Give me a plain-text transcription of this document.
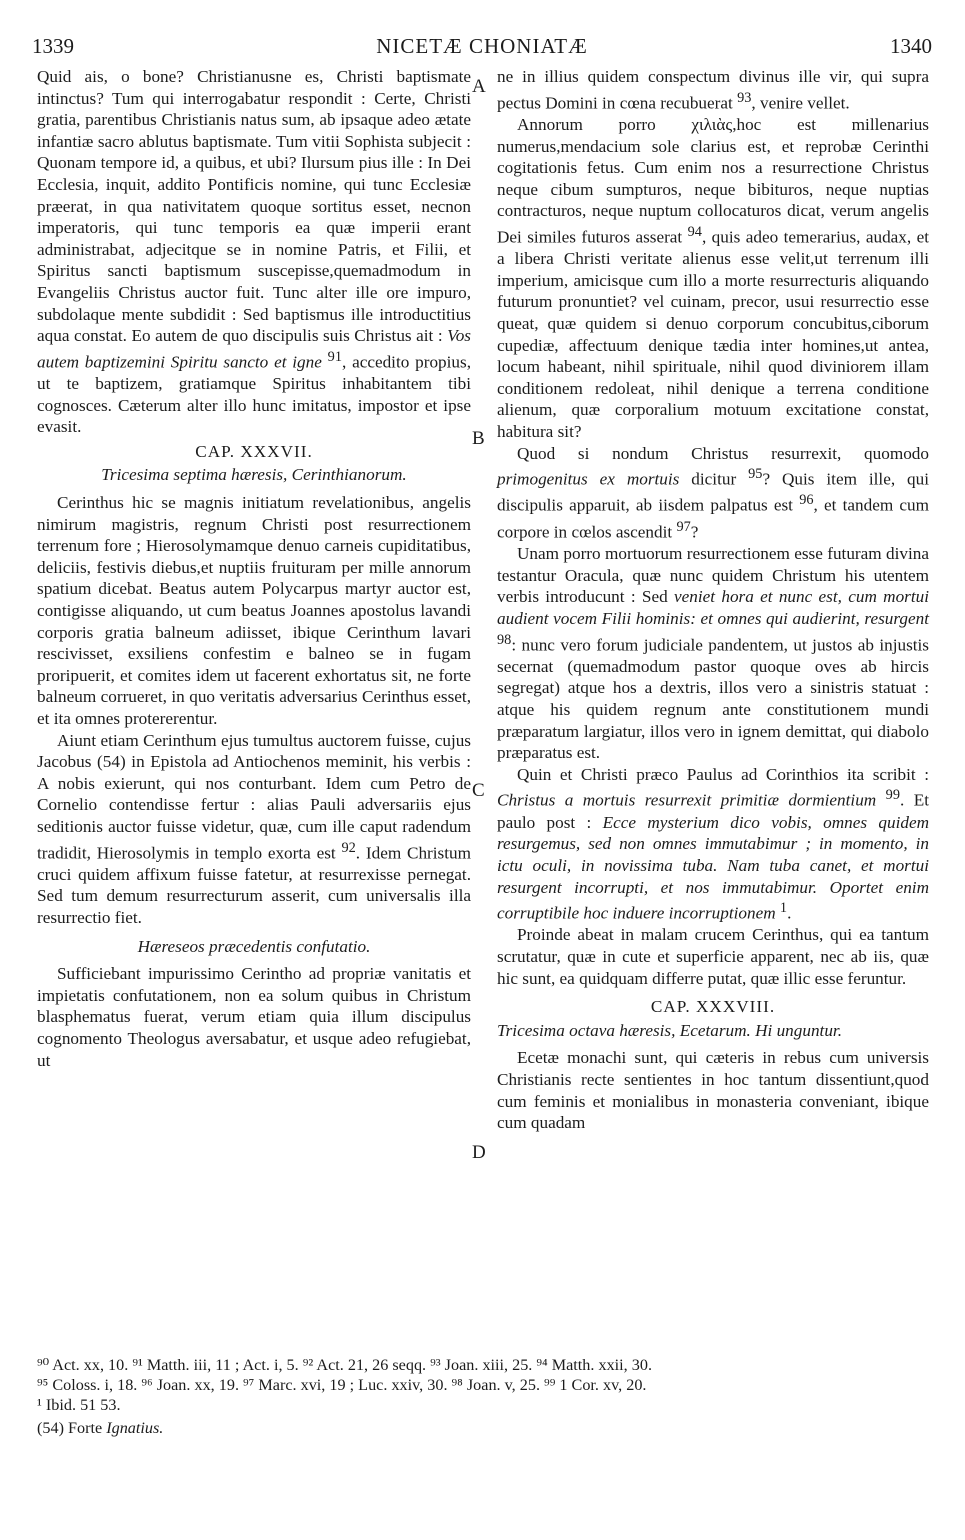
1339	NICETÆ CHONIATÆ	1340

Quid ais, o bone? Christianusne es, Christi baptismate intinctus? Tum qui interrogabatur respondit : Certe, Christi gratia, parentibus Christianis natus sum, ab ipsaque adeo ætate infantiæ sacro ablutus baptismate. Tum vitii Sophista subjecit : Quonam tempore id, a quibus, et ubi? Ilursum pius ille : In Dei Ecclesia, inquit, addito Pontificis nomine, qui tunc Ecclesiæ præerat, in qua nativitatem quoque sortitus esset, necnon imperatoris, qui tunc temporis ea quæ imperii erant administrabat, adjecitque se in nomine Patris, et Filii, et Spiritus sancti baptismum suscepisse,quemadmodum in Evangeliis Christus auctor fuit. Tunc alter ille ore impuro, subdolaque mente subdidit : Sed baptismus ille introductitius aqua constat. Eo autem de quo discipulis suis Christus ait : Vos autem baptizemini Spiritu sancto et igne $^{91}$, accedito propius, ut te baptizem, gratiamque Spiritus inhabitantem tibi cognosces. Cæterum alter illo hunc imitatus, impostor et ipse evasit.

CAP. XXXVII.
Tricesima septima hæresis, Cerinthianorum.

Cerinthus hic se magnis initiatum revelationibus, angelis nimirum magistris, regnum Christi post resurrectionem terrenum fore ; Hierosolymamque denuo carneis cupiditatibus, deliciis, festivis diebus,et nuptiis fruituram per mille annorum spatium dicebat. Beatus autem Polycarpus martyr auctor est, contigisse aliquando, ut cum beatus Joannes apostolus lavandi corporis gratia balneum adiisset, ibique Cerinthum lavari rescivisset, exsiliens confestim e balneo se in fugam proripuerit, et comites idem ut facerent exhortatus sit, ne forte balneum corrueret, in quo veritatis adversarius Cerinthus esset, et ita omnes protererentur.

Aiunt etiam Cerinthum ejus tumultus auctorem fuisse, cujus Jacobus (54) in Epistola ad Antiochenos meminit, his verbis : A nobis exierunt, qui nos conturbant. Idem cum Petro de Cornelio contendisse fertur : alias Pauli adversariis ejus seditionis auctor fuisse videtur, quæ, cum ille caput radendum tradidit, Hierosolymis in templo exorta est $^{92}$. Idem Christum cruci quidem affixum fuisse fatetur, at resurrexisse pernegat. Sed tum demum resurrecturum asserit, cum universalis illa resurrectio fiet.

Hæreseos præcedentis confutatio.

Sufficiebant impurissimo Cerintho ad propriæ vanitatis et impietatis confutationem, non ea solum quibus in Christum blasphematus fuerat, verum etiam quia illum discipulus cognomento Theologus aversabatur, et usque adeo refugiebat, ut

A
B
C
D

ne in illius quidem conspectum divinus ille vir, qui supra pectus Domini in cœna recubuerat $^{93}$, venire vellet.

Annorum porro χιλιὰς,hoc est millenarius numerus,mendacium sole clarius est, et reprobæ Cerinthi cogitationis fetus. Cum enim nos a resurrectione Christus neque cibum sumpturos, neque bibituros, neque nuptias contracturos, neque nuptum collocaturos dicat, verum angelis Dei similes futuros asserat $^{94}$, quis adeo temerarius, audax, et a libera Christi veritate alienus esse velit,ut terrenum illi imperium, amicisque cum illo a morte resurrecturis aliquando futurum pronuntiet? vel cuinam, precor, usui resurrectio esse queat, quæ quidem si denuo corporum concubitus,ciborum cupediæ, affectuum denique tædia inter homines,ut antea, locum habeant, nihil spirituale, nihil quod diviniorem illam conditionem redoleat, nihil denique a terrena conditione alienum, quæ corporalium motuum excitatione constat, habitura sit?

Quod si nondum Christus resurrexit, quomodo primogenitus ex mortuis dicitur $^{95}$? Quis item ille, qui discipulis apparuit, ab iisdem palpatus est $^{96}$, et tandem cum corpore in cœlos ascendit $^{97}$?

Unam porro mortuorum resurrectionem esse futuram divina testantur Oracula, quæ nunc quidem Christum his utentem verbis introducunt : Sed veniet hora et nunc est, cum mortui audient vocem Filii hominis: et omnes qui audierint, resurgent $^{98}$: nunc vero forum judiciale pandentem, ut justos ab injustis secernat (quemadmodum pastor quoque oves ab hircis segregat) atque hos a dextris, illos vero a sinistris statuat : atque his quidem regnum ante constitutionem mundi præparatum largiatur, illos vero in ignem demittat, qui diabolo præparatus est.

Quin et Christi præco Paulus ad Corinthios ita scribit : Christus a mortuis resurrexit primitiæ dormientium $^{99}$. Et paulo post : Ecce mysterium dico vobis, omnes quidem resurgemus, sed non omnes immutabimur ; in momento, in ictu oculi, in novissima tuba. Nam tuba canet, et mortui resurgent incorrupti, et nos immutabimur. Oportet enim corruptibile hoc induere incorruptionem $^1$.

Proinde abeat in malam crucem Cerinthus, qui ea tantum scrutatur, quæ in cute et superficie apparent, nec ab iis, quæ hic sunt, ea quidquam differre putat, quæ illic esse feruntur.

CAP. XXXVIII.
Tricesima octava hæresis, Ecetarum. Hi unguntur.

Ecetæ monachi sunt, qui cæteris in rebus cum universis Christianis recte sentientes in hoc tantum dissentiunt,quod cum feminis et monialibus in monasteria conveniant, ibique cum quadam

⁹⁰ Act. xx, 10. ⁹¹ Matth. iii, 11 ; Act. i, 5. ⁹² Act. 21, 26 seqq. ⁹³ Joan. xiii, 25. ⁹⁴ Matth. xxii, 30.
⁹⁵ Coloss. i, 18. ⁹⁶ Joan. xx, 19. ⁹⁷ Marc. xvi, 19 ; Luc. xxiv, 30. ⁹⁸ Joan. v, 25. ⁹⁹ 1 Cor. xv, 20.
¹ Ibid. 51 53.
(54) Forte Ignatius.
